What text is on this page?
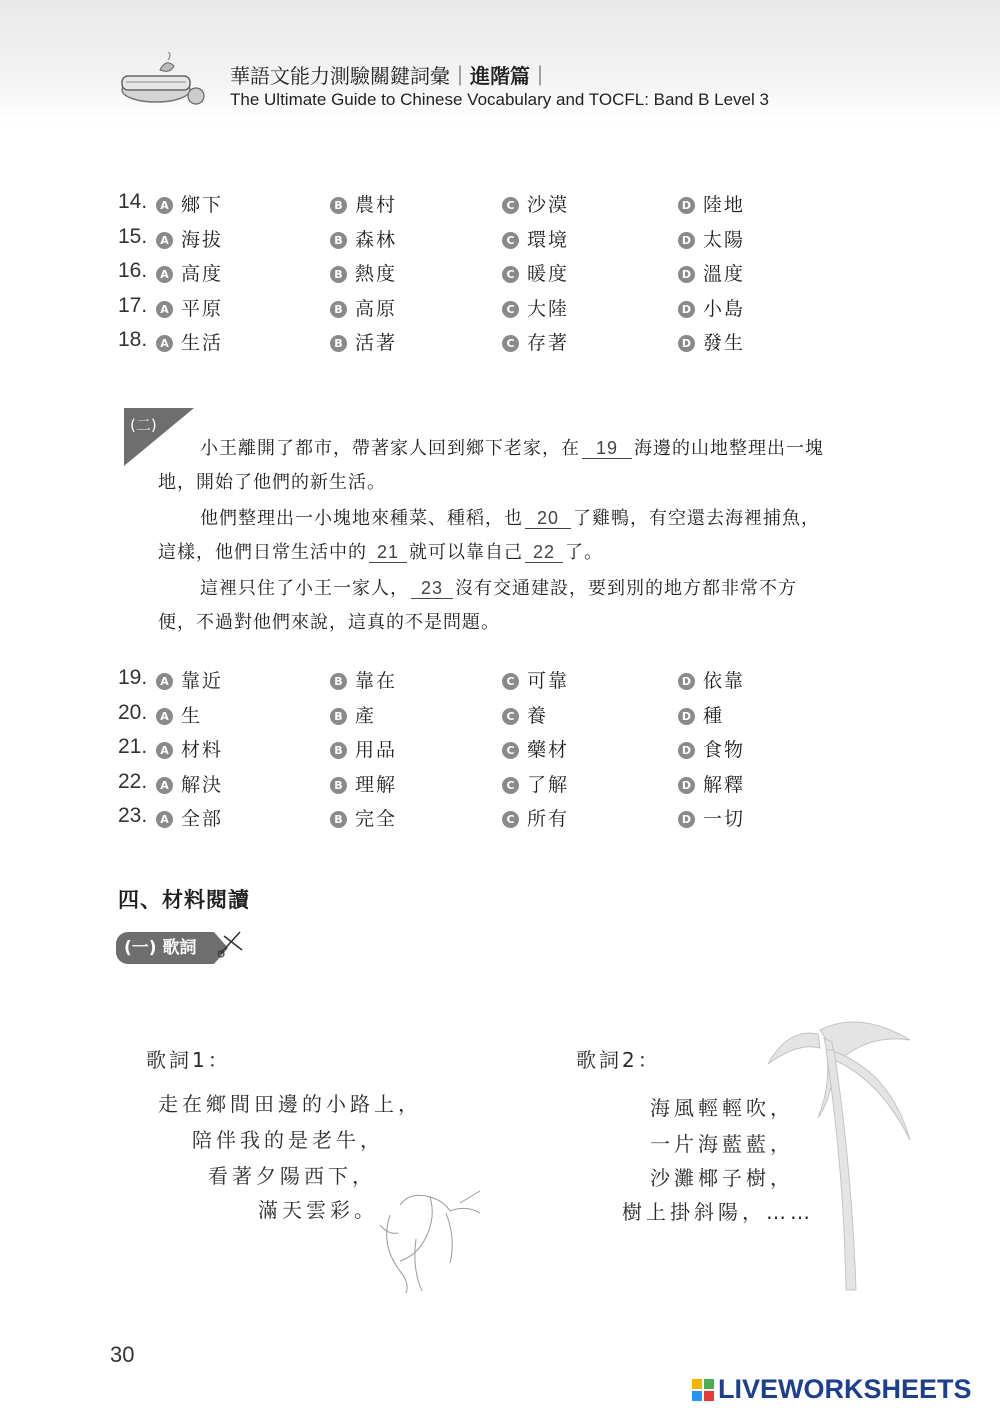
華語文能力測驗關鍵詞彙｜進階篇｜
The Ultimate Guide to Chinese Vocabulary and TOCFL: Band B Level 3
14.	A 鄉下	B 農村	C 沙漠	D 陸地
15.	A 海拔	B 森林	C 環境	D 太陽
16.	A 高度	B 熱度	C 暖度	D 溫度
17.	A 平原	B 高原	C 大陸	D 小島
18.	A 生活	B 活著	C 存著	D 發生
(二)
小王離開了都市，帶著家人回到鄉下老家，在 19 海邊的山地整理出一塊
地，開始了他們的新生活。
他們整理出一小塊地來種菜、種稻，也 20 了雞鴨，有空還去海裡捕魚，
這樣，他們日常生活中的 21 就可以靠自己 22 了。
這裡只住了小王一家人， 23 沒有交通建設，要到別的地方都非常不方
便，不過對他們來說，這真的不是問題。
19.	A 靠近	B 靠在	C 可靠	D 依靠
20.	A 生	B 產	C 養	D 種
21.	A 材料	B 用品	C 藥材	D 食物
22.	A 解決	B 理解	C 了解	D 解釋
23.	A 全部	B 完全	C 所有	D 一切
四、材料閱讀
(一) 歌詞
歌詞1：
走在鄉間田邊的小路上，
陪伴我的是老牛，
看著夕陽西下，
滿天雲彩。
歌詞2：
海風輕輕吹，
一片海藍藍，
沙灘椰子樹，
樹上掛斜陽，……
30
LIVEWORKSHEETS
